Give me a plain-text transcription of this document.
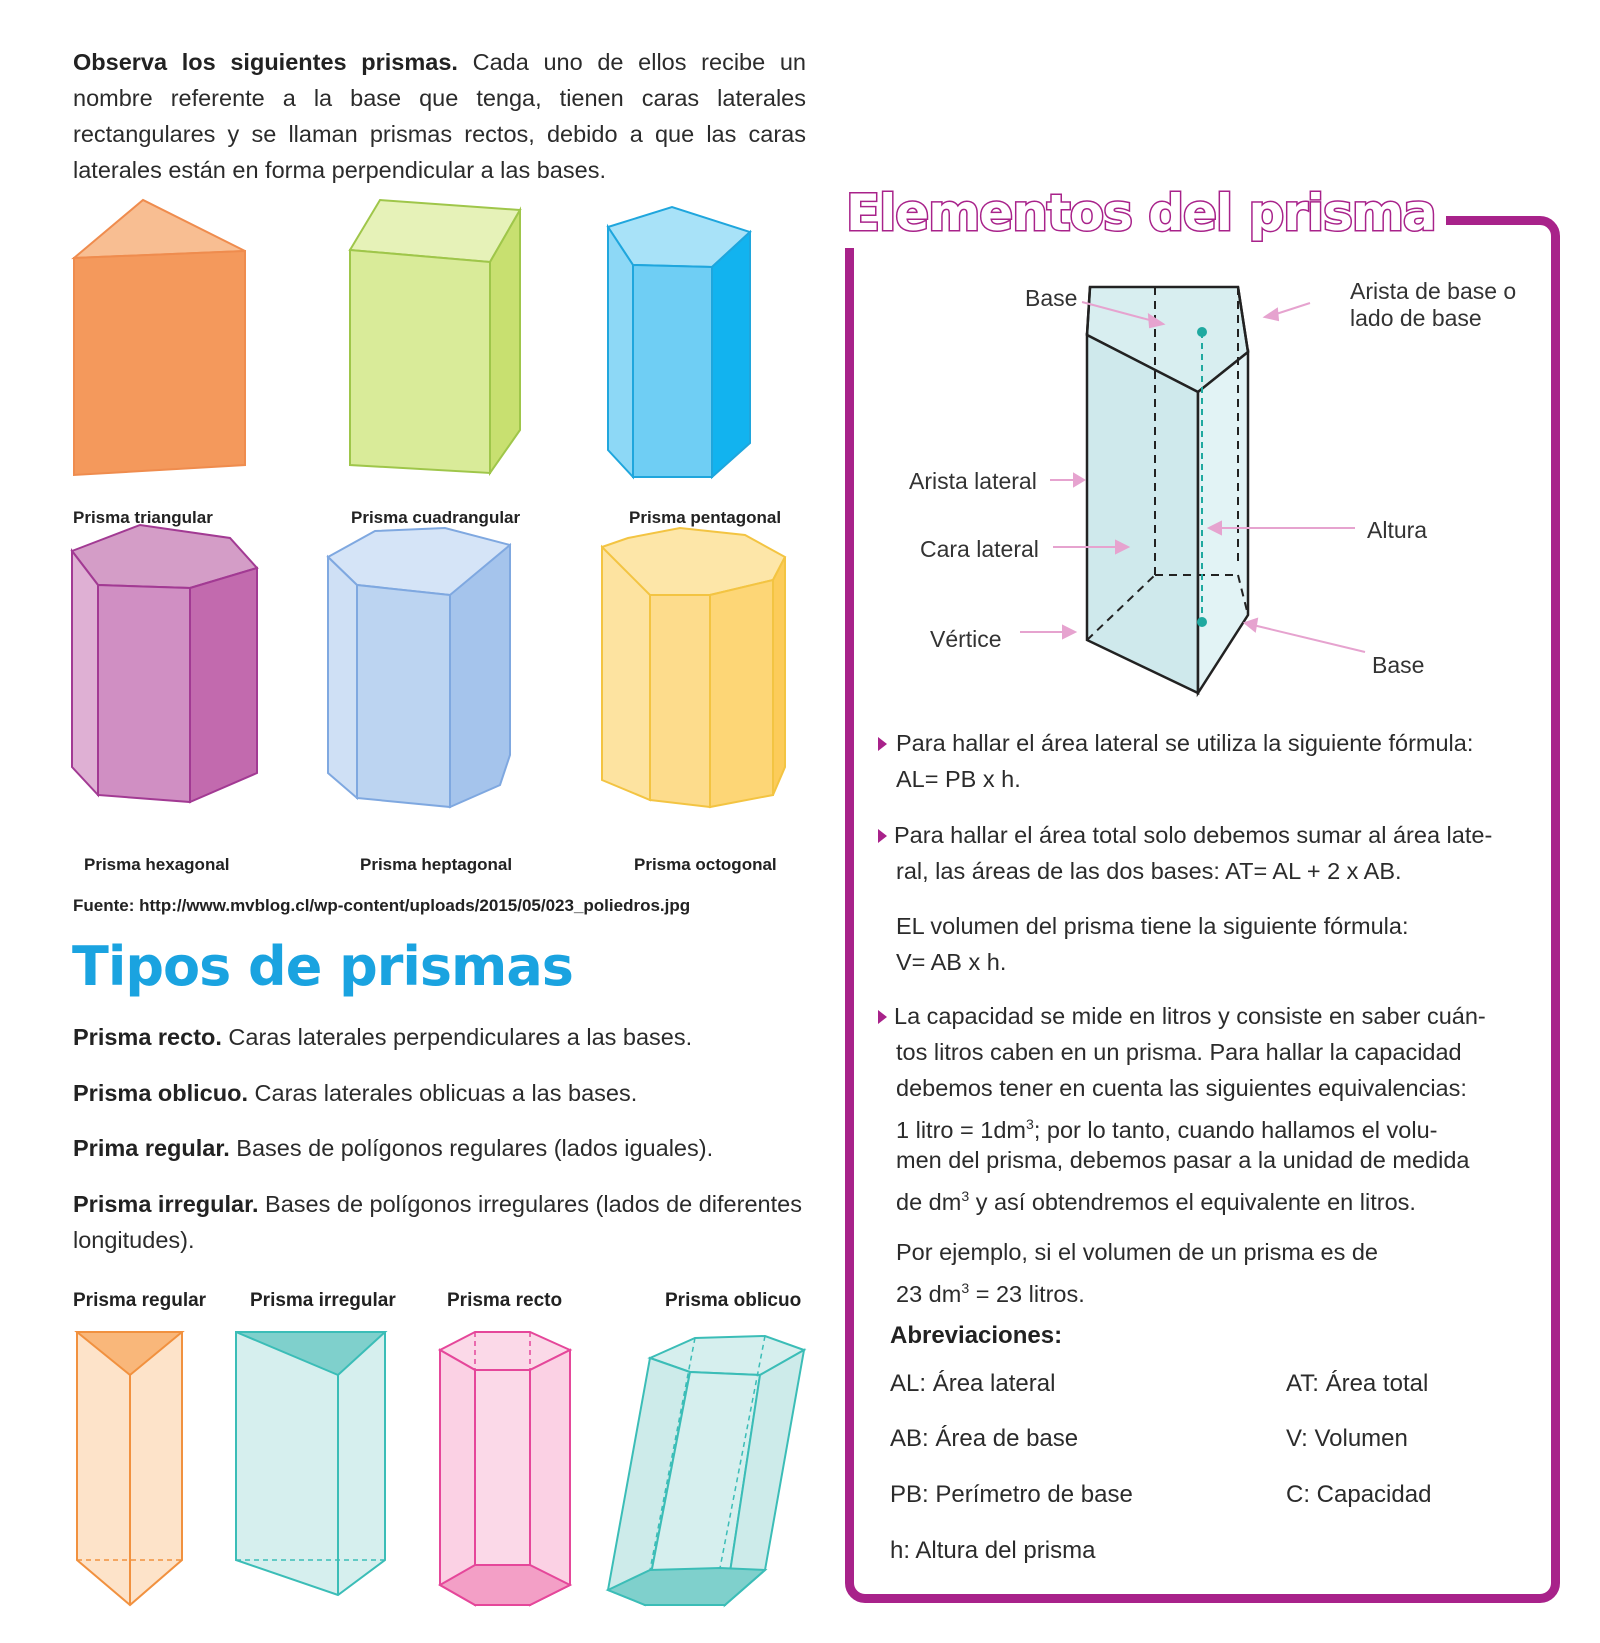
Observa los siguientes prismas. Cada uno de ellos recibe un nombre referente a la base que tenga, tienen caras laterales rectangulares y se llaman prismas rectos, debido a que las caras laterales están en forma perpendicular a las bases.
Prisma triangular	Prisma cuadrangular	Prisma pentagonal
Prisma hexagonal	Prisma heptagonal	Prisma octogonal
Fuente: http://www.mvblog.cl/wp-content/uploads/2015/05/023_poliedros.jpg
Tipos de prismas
Prisma recto. Caras laterales perpendiculares a las bases.
Prisma oblicuo. Caras laterales oblicuas a las bases.
Prima regular. Bases de polígonos regulares (lados iguales).
Prisma irregular. Bases de polígonos irregulares (lados de diferentes longitudes).
Prisma regular Prisma irregular	Prisma recto	Prisma oblicuo
Elementos del prisma
Base	Arista de base o
lado de base
Arista lateral
Cara lateral
Altura
Vértice
Base
Para hallar el área lateral se utiliza la siguiente fórmula:
AL= PB x h.
Para hallar el área total solo debemos sumar al área late-
ral, las áreas de las dos bases: AT= AL + 2 x AB.
EL volumen del prisma tiene la siguiente fórmula:
V= AB x h.
La capacidad se mide en litros y consiste en saber cuán-
tos litros caben en un prisma. Para hallar la capacidad
debemos tener en cuenta las siguientes equivalencias:
1 litro = $1dm^3$; por lo tanto, cuando hallamos el volu-
men del prisma, debemos pasar a la unidad de medida
de $dm^3$ y así obtendremos el equivalente en litros.
Por ejemplo, si el volumen de un prisma es de
23 $dm^3 = 23$ litros.
Abreviaciones:
AL: Área lateral	AT: Área total
AB: Área de base	V: Volumen
PB: Perímetro de base	C: Capacidad
h: Altura del prisma
